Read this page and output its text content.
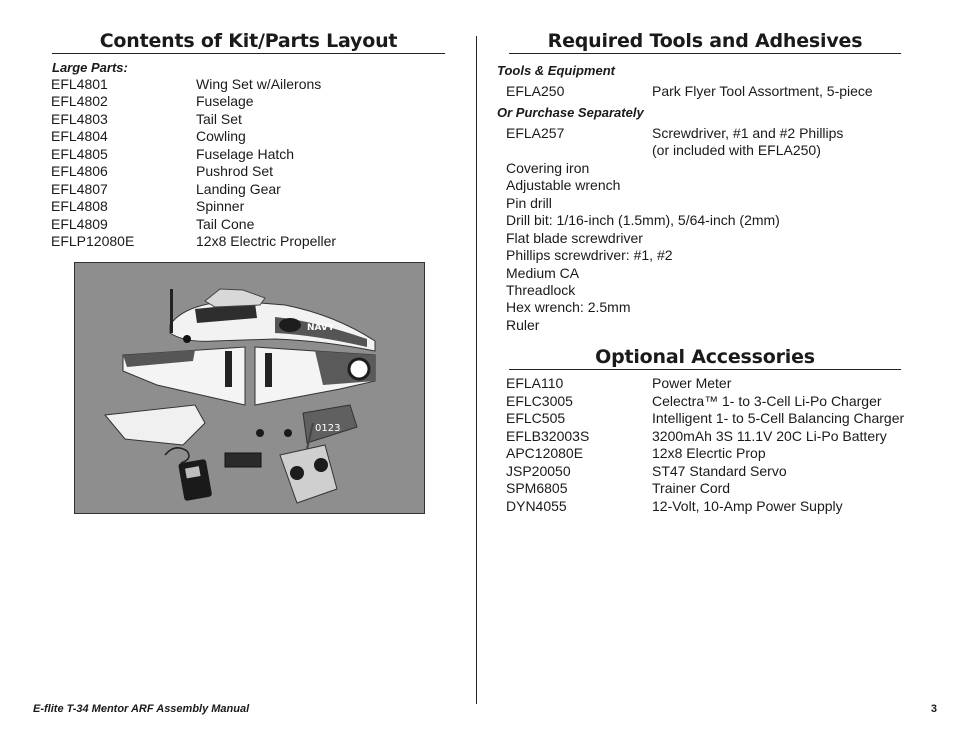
Contents of Kit/Parts Layout
Large Parts:
EFL4801	Wing Set w/Ailerons
EFL4802	Fuselage
EFL4803	Tail Set
EFL4804	Cowling
EFL4805	Fuselage Hatch
EFL4806	Pushrod Set
EFL4807	Landing Gear
EFL4808	Spinner
EFL4809	Tail Cone
EFLP12080E	12x8 Electric Propeller
NAVY
0123
Required Tools and Adhesives
Tools & Equipment
EFLA250	Park Flyer Tool Assortment, 5-piece
Or Purchase Separately
EFLA257	Screwdriver, #1 and #2 Phillips
(or included with EFLA250)
Covering iron
Adjustable wrench
Pin drill
Drill bit: 1/16-inch (1.5mm), 5/64-inch (2mm)
Flat blade screwdriver
Phillips screwdriver: #1, #2
Medium CA
Threadlock
Hex wrench: 2.5mm
Ruler
Optional Accessories
EFLA110	Power Meter
EFLC3005	Celectra™ 1- to 3-Cell Li-Po Charger
EFLC505	Intelligent 1- to 5-Cell Balancing Charger
EFLB32003S	3200mAh 3S 11.1V 20C Li-Po Battery
APC12080E	12x8 Elecrtic Prop
JSP20050	ST47 Standard Servo
SPM6805	Trainer Cord
DYN4055	12-Volt, 10-Amp Power Supply
E-flite T-34 Mentor ARF Assembly Manual	3
